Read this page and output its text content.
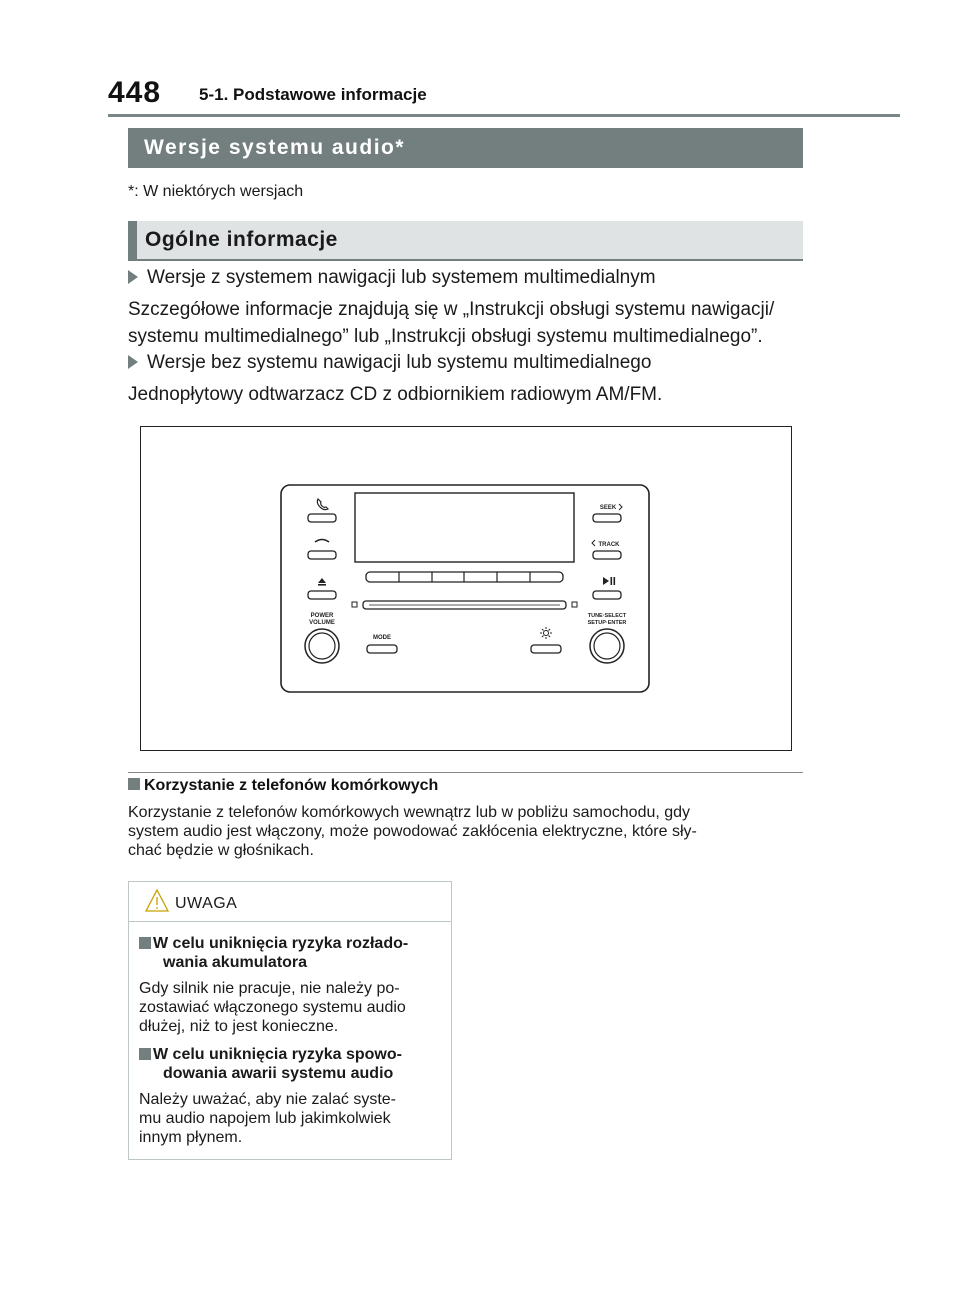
448 5-1. Podstawowe informacje
Wersje systemu audio*
*: W niektórych wersjach
Ogólne informacje
Wersje z systemem nawigacji lub systemem multimedialnym
Szczegółowe informacje znajdują się w „Instrukcji obsługi systemu nawigacji/
systemu multimedialnego” lub „Instrukcji obsługi systemu multimedialnego”.
Wersje bez systemu nawigacji lub systemu multimedialnego
Jednopłytowy odtwarzacz CD z odbiornikiem radiowym AM/FM.
POWER
VOLUME
MODE
SEEK
TRACK
TUNE·SELECT
SETUP·ENTER
Korzystanie z telefonów komórkowych
Korzystanie z telefonów komórkowych wewnątrz lub w pobliżu samochodu, gdy
system audio jest włączony, może powodować zakłócenia elektryczne, które sły-
chać będzie w głośnikach.
UWAGA
W celu uniknięcia ryzyka rozłado-
wania akumulatora
Gdy silnik nie pracuje, nie należy po-
zostawiać włączonego systemu audio
dłużej, niż to jest konieczne.
W celu uniknięcia ryzyka spowo-
dowania awarii systemu audio
Należy uważać, aby nie zalać syste-
mu audio napojem lub jakimkolwiek
innym płynem.
